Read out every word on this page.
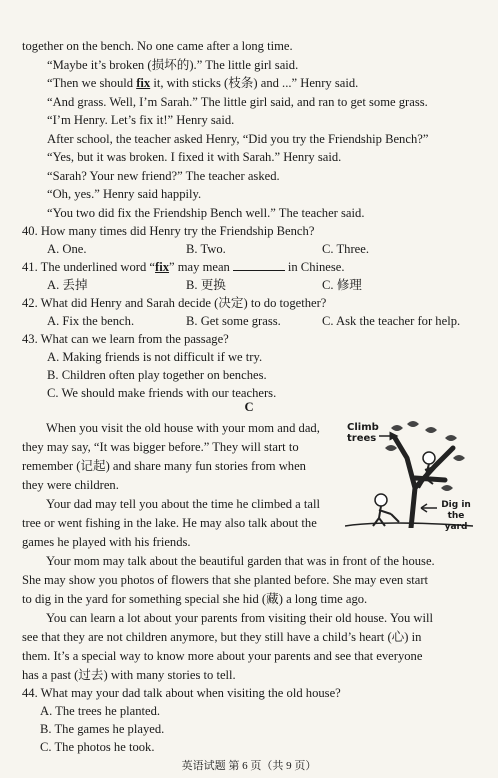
together on the bench. No one came after a long time.
“Maybe it’s broken (损坏的).” The little girl said.
“Then we should fix it, with sticks (枝条) and ...” Henry said.
“And grass. Well, I’m Sarah.” The little girl said, and ran to get some grass.
“I’m Henry. Let’s fix it!” Henry said.
After school, the teacher asked Henry, “Did you try the Friendship Bench?”
“Yes, but it was broken. I fixed it with Sarah.” Henry said.
“Sarah? Your new friend?” The teacher asked.
“Oh, yes.” Henry said happily.
“You two did fix the Friendship Bench well.” The teacher said.
40. How many times did Henry try the Friendship Bench?
A. One.	B. Two.	C. Three.
41. The underlined word “fix” may mean	in Chinese.
A. 丢掉	B. 更换	C. 修理
42. What did Henry and Sarah decide (决定) to do together?
A. Fix the bench.	B. Get some grass.	C. Ask the teacher for help.
43. What can we learn from the passage?
A. Making friends is not difficult if we try.
B. Children often play together on benches.
C. We should make friends with our teachers.
C
When you visit the old house with your mom and dad,
they may say, “It was bigger before.” They will start to
remember (记起) and share many fun stories from when
they were children.
Your dad may tell you about the time he climbed a tall
tree or went fishing in the lake. He may also talk about the
games he played with his friends.
Your mom may talk about the beautiful garden that was in front of the house.
She may show you photos of flowers that she planted before. She may even start
to dig in the yard for something special she hid (藏) a long time ago.
You can learn a lot about your parents from visiting their old house. You will
see that they are not children anymore, but they still have a child’s heart (心) in
them. It’s a special way to know more about your parents and see that everyone
has a past (过去) with many stories to tell.
Climb
trees
Dig in the
yard
44. What may your dad talk about when visiting the old house?
A. The trees he planted.
B. The games he played.
C. The photos he took.
英语试题 第 6 页（共 9 页）
